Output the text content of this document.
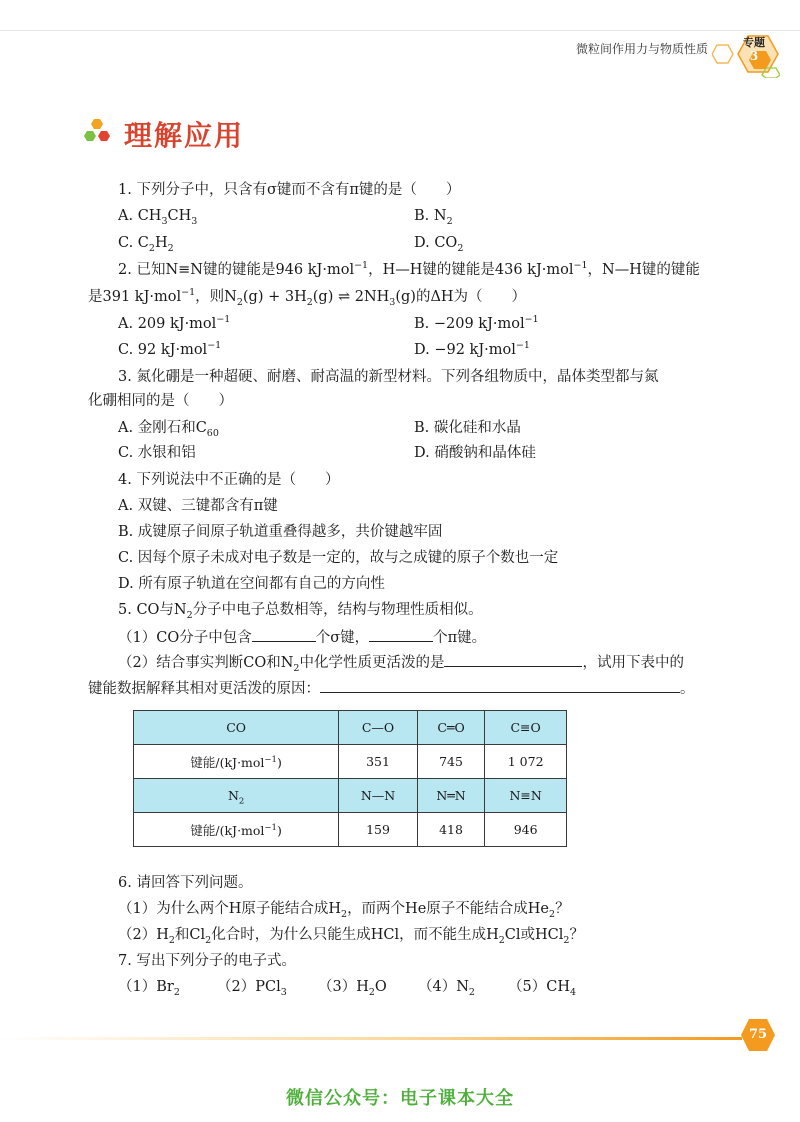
微粒间作用力与物质性质	专题
3
理解应用
1. 下列分子中，只含有σ键而不含有π键的是（　　）
A. $CH_3CH_3$	B. $N_2$
C. $C_2H_2$	D. $CO_2$
2. 已知N≡N键的键能是946 kJ·mol$^{-1}$，H—H键的键能是436 kJ·mol$^{-1}$，N—H键的键能
是391 kJ·mol$^{-1}$，则$N_2(g) + 3H_2(g)$ ⇌ $2NH_3(g)$的ΔH为（　　）
A. 209 kJ·mol$^{-1}$	B. −209 kJ·mol$^{-1}$
C. 92 kJ·mol$^{-1}$	D. −92 kJ·mol$^{-1}$
3. 氮化硼是一种超硬、耐磨、耐高温的新型材料。下列各组物质中，晶体类型都与氮
化硼相同的是（　　）
A. 金刚石和$C_{60}$	B. 碳化硅和水晶
C. 水银和铝	D. 硝酸钠和晶体硅
4. 下列说法中不正确的是（　　）
A. 双键、三键都含有π键
B. 成键原子间原子轨道重叠得越多，共价键越牢固
C. 因每个原子未成对电子数是一定的，故与之成键的原子个数也一定
D. 所有原子轨道在空间都有自己的方向性
5. CO与$N_2$分子中电子总数相等，结构与物理性质相似。
（1）CO分子中包含	个σ键，	个π键。
（2）结合事实判断CO和$N_2$中化学性质更活泼的是	，试用下表中的
键能数据解释其相对更活泼的原因：	。
CO	C—O	C═O	C≡O
键能/(kJ·mol$^{-1}$)	351	745	1 072
$N_2$	N—N	N═N	N≡N
键能/(kJ·mol$^{-1}$)	159	418	946
6. 请回答下列问题。
（1）为什么两个H原子能结合成$H_2$，而两个He原子不能结合成$He_2$？
$(2)H_2$和$Cl_2$化合时，为什么只能生成HCl，而不能生成$H_2Cl$或HCl$_2$？
7. 写出下列分子的电子式。
$(1)Br_2$	（2）PCl$_3$ $(3)H_2O$ $(4)N_2$ $(5)CH_4$
75
微信公众号：电子课本大全
